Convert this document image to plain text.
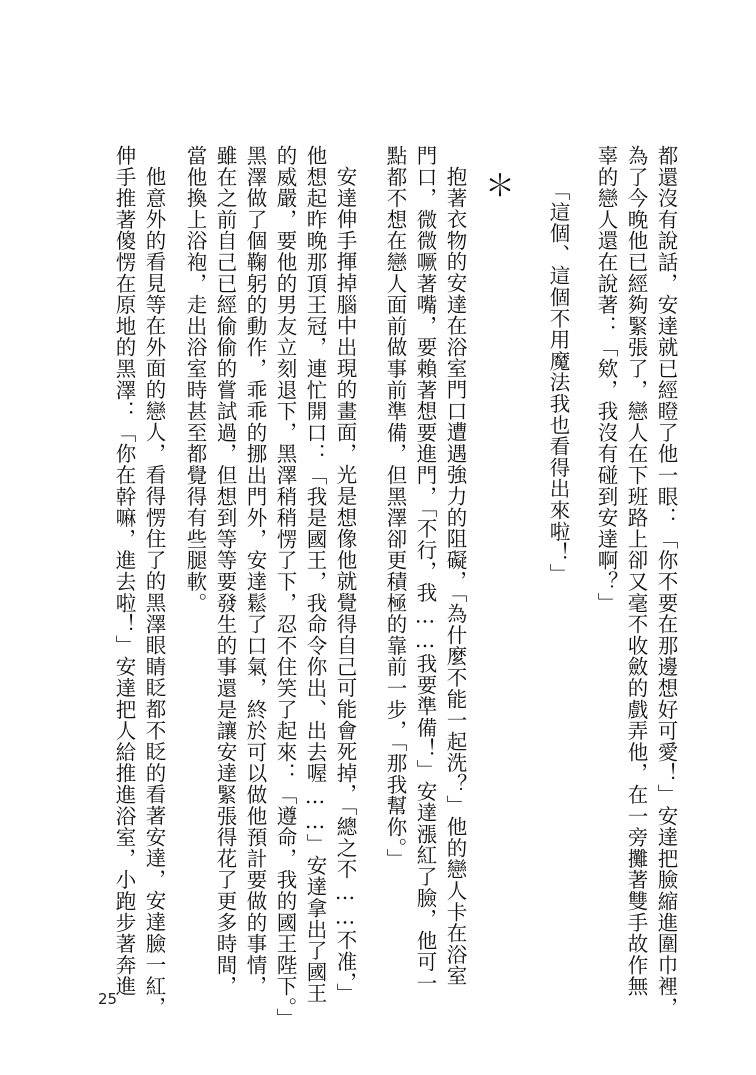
都還沒有說話，安達就已經瞪了他一眼：「你不要在那邊想好可愛！」安達把臉縮進圍巾裡，
為了今晚他已經夠緊張了，戀人在下班路上卻又毫不收斂的戲弄他，在一旁攤著雙手故作無
辜的戀人還在說著：「欸，我沒有碰到安達啊？」
「這個、這個不用魔法我也看得出來啦！」
＊
抱著衣物的安達在浴室門口遭遇強力的阻礙，「為什麼不能一起洗？」他的戀人卡在浴室
門口，微微噘著嘴，要賴著想要進門，「不行，我……我要準備！」安達漲紅了臉，他可一
點都不想在戀人面前做事前準備，但黑澤卻更積極的靠前一步，「那我幫你。」
安達伸手揮掉腦中出現的畫面，光是想像他就覺得自己可能會死掉，「總之不……不准，」
他想起昨晚那頂王冠，連忙開口：「我是國王，我命令你出、出去喔……」安達拿出了國王
的威嚴，要他的男友立刻退下，黑澤稍稍愣了下，忍不住笑了起來：「遵命，我的國王陛下。」
黑澤做了個鞠躬的動作，乖乖的挪出門外，安達鬆了口氣，終於可以做他預計要做的事情，
雖在之前自己已經偷偷的嘗試過，但想到等等要發生的事還是讓安達緊張得花了更多時間，
當他換上浴袍，走出浴室時甚至都覺得有些腿軟。
他意外的看見等在外面的戀人，看得愣住了的黑澤眼睛眨都不眨的看著安達，安達臉一紅，
伸手推著傻愣在原地的黑澤：「你在幹嘛，進去啦！」安達把人給推進浴室，小跑步著奔進
25
